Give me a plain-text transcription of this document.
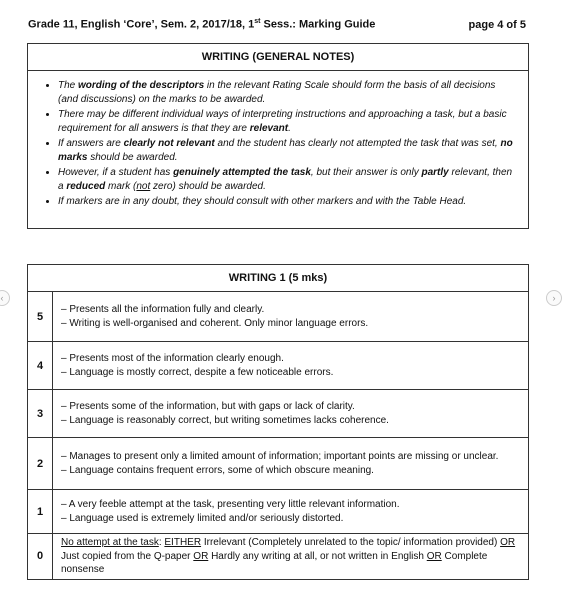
Grade 11, English ‘Core’, Sem. 2, 2017/18, 1st Sess.: Marking Guide	page 4 of 5
WRITING (GENERAL NOTES)
• The wording of the descriptors in the relevant Rating Scale should form the basis of all decisions (and discussions) on the marks to be awarded.
• There may be different individual ways of interpreting instructions and approaching a task, but a basic requirement for all answers is that they are relevant.
• If answers are clearly not relevant and the student has clearly not attempted the task that was set, no marks should be awarded.
• However, if a student has genuinely attempted the task, but their answer is only partly relevant, then a reduced mark (not zero) should be awarded.
• If markers are in any doubt, they should consult with other markers and with the Table Head.
WRITING 1 (5 mks)	
5	– Presents all the information fully and clearly.
– Writing is well-organised and coherent. Only minor language errors.

4	– Presents most of the information clearly enough.
– Language is mostly correct, despite a few noticeable errors.

3	– Presents some of the information, but with gaps or lack of clarity.
– Language is reasonably correct, but writing sometimes lacks coherence.

2	– Manages to present only a limited amount of information; important points are missing or unclear.
– Language contains frequent errors, some of which obscure meaning.

1	– A very feeble attempt at the task, presenting very little relevant information.
– Language used is extremely limited and/or seriously distorted.

0	No attempt at the task: EITHER Irrelevant (Completely unrelated to the topic/ information provided) OR Just copied from the Q-paper OR Hardly any writing at all, or not written in English OR Complete nonsense
‹	›
